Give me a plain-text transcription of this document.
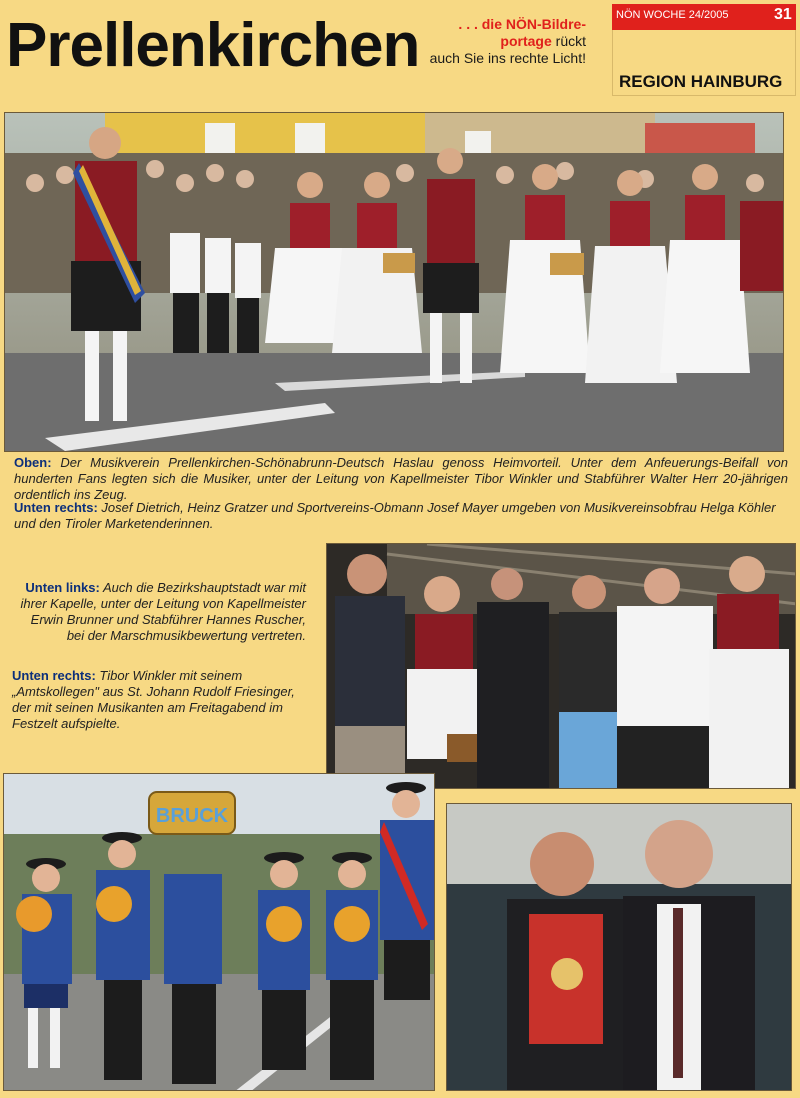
Prellenkirchen	. . . die NÖN-Bildre-
portage rückt
auch Sie ins rechte Licht!
NÖN WOCHE 24/2005	31
REGION HAINBURG
Oben: Der Musikverein Prellenkirchen-Schönabrunn-Deutsch Haslau genoss Heimvorteil. Unter dem Anfeuerungs-Beifall von hunderten Fans legten sich die Musiker, unter der Leitung von Kapellmeister Tibor Winkler und Stabführer Walter Herr 20-jährigen ordentlich ins Zeug.
Unten rechts: Josef Dietrich, Heinz Gratzer und Sportvereins-Obmann Josef Mayer umgeben von Musikvereinsobfrau Helga Köhler und den Tiroler Marketenderinnen.
Unten links: Auch die Bezirkshauptstadt war mit ihrer Kapelle, unter der Leitung von Kapellmeister Erwin Brunner und Stabführer Hannes Ruscher, bei der Marschmusikbewertung vertreten.
Unten rechts: Tibor Winkler mit seinem „Amtskollegen" aus St. Johann Rudolf Friesinger, der mit seinen Musikanten am Freitagabend im Festzelt aufspielte.
BRUCK
